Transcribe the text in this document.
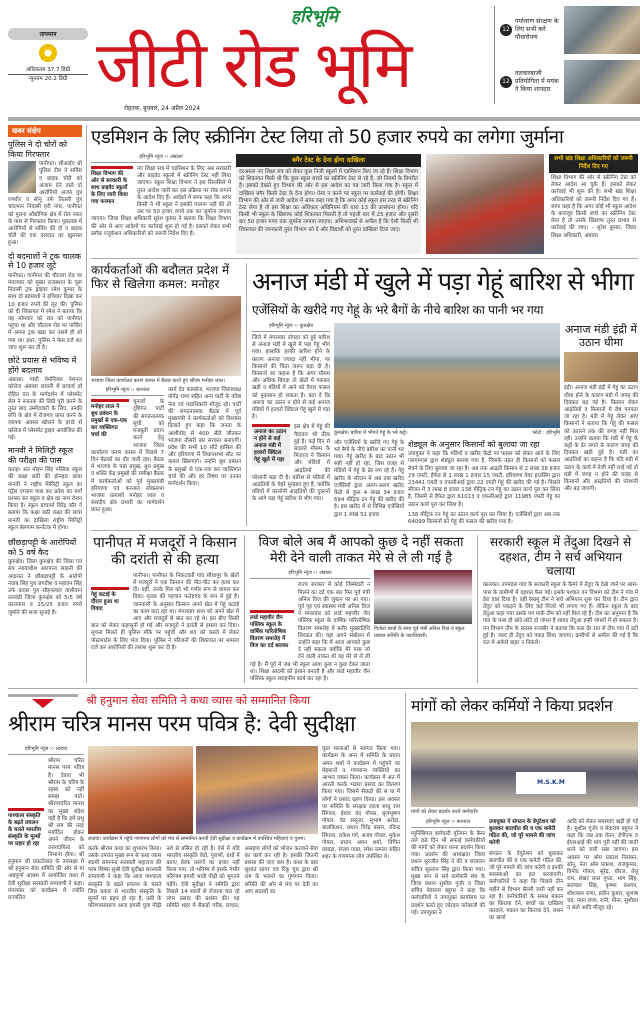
तापमान
अधिकतम 37.7 डिग्री
न्यूनतम 20.2 डिग्री
हरिभूमि
जीटी रोड भूमि
रोहतक, बुधवार, 24 अप्रैल 2024
12
पर्यावरण संरक्षण के लिए सभी करें पौधारोपण
12
तलवारबाजी प्रतियोगिता में मयंक ने किया शानदार
खबर संक्षेप
पुलिस ने दो चोरों को किया गिरफ्तार
पानीपत। सीआईए थ्री पुलिस टीम ने सर्विस व बाइक चोरी को अंजाम देने वाले दो आरोपियों अजय पुत्र रणधीर व सोनू उर्फ तितली पुत्र चांदभान निवासी हरी नगर, पानीपत को पुराना औद्योगिक क्षेत्र में रोल नकर के पास से गिरफ्तार किया। पूछताछ में आरोपियों से सर्विस की दो व बाइक चोरी की एक वारदात का खुलासा हुआ।
दो बदमाशों ने ट्रक चालक से 10 हजार लूटे
पानीपत। पानीपत की चौटाला रोड पर मंगलवार को मुख्य राजस्थान के चूरू निवासी ट्रक ड्राइवर रमेश कुमार के साथ दो बदमाशों ने हथियार दिखा कर 10 हजार रुपये की लूट की। पुलिस को दी शिकायत में रमेश ने बताया कि वह सोमवार को रात को पानीपत पहुंचा था और चौटाला रोड पर पार्किंग में अपना ट्रक खड़ा कर उसमें ही सो गया था। इधर, पुलिस ने केस दर्ज कर जांच शुरू कर दी है।
छोटे प्रयास से भविष्य में होंगे बदलाव
अंबाला। गांधी मेमोरियल नेशनल कॉलेज अंबाला छावनी में प्राचार्य डॉ रोहित दत्त के मार्गदर्शन में प्लेसमेंट सेल ने स्नातक की डिग्री पूरी करने के तुरंत बाद उम्मीदवारों के लिए, उनकी रुचि के क्षेत्र में रोजगार प्राप्त करने के व्यापक अवसर खोलने के इरादे से कॉलेज में प्लेसमेंट ड्राइव आयोजित की गई।
मानवी ने मिलिट्री स्कूल की परीक्षा की पास
कराह। संत मोहन सिंह पब्लिक स्कूल की कक्षा छठी की होनहार छात्रा मानवी ने राष्ट्रीय मिलिट्री स्कूल का एंट्रेंस एग्जाम पास कर प्रवेश का मार्ग प्रशस्त कर स्कूल व क्षेत्र का नाम रोशन किया है। स्कूल प्राचार्या विरेंद्र कौर ने बताया कि कक्षा छठी कक्षा की छात्रा मानवी का दाखिला राष्ट्रीय मिलिट्री स्कूल बेलगाम कर्नाटक में होगा।
छौंछड़ापट्टी के आरोपियों को 5 वर्ष कैद
कुरुक्षेत्र। जिला कुरुक्षेत्र की जिला एवं सत्र न्यायाधीश आरपाना साहनी की अदालत ने छौंछड़ापट्टी के आरोपी नवाब सिंह पुत्र जगदीश व महावन सिंह उर्फ काका पुत्र सौहनलाल वासीवान तलवंडी जिला कुरुक्षेत्र को 5/5 वर्ष कारावास व 25/25 हजार रुपये जुर्माने की सजा सुनाई है।
एडमिशन के लिए स्क्रीनिंग टेस्ट लिया तो 50 हजार रुपये का लगेगा जुर्माना
हरिभूमि न्यूज ›› अंबाला
शिक्षा विभाग की ओर से सरकारी के साथ प्राइवेट स्कूलों के लिए जारी किया गया फरमान
नए शिक्षा सत्र में एडमिशन के लिए अब सरकारी और प्राइवेट स्कूलों में स्क्रीनिंग टेस्ट नहीं लिया जाएगा। स्कूल शिक्षा विभाग ने इस सिलसिले में तुरंत आदेश जारी कर इस प्रक्रिया पर रोक लगाने के आदेश दिए हैं। आदेशों में साफ कहा कि अगर किसी ने भी स्कूल ने इसकी पालना नहीं की तो उस पर 50 हजार रुपये तक का जुर्माना लगाया जाएगा। जिला शिक्षा अधिकारी सुरेश कुमार ने बताया कि शिक्षा विभाग की ओर से आए आदेशों पर कार्रवाई शुरू हो गई है। इसको लेकर सभी ब्लॉक एजुकेशन अधिकारियों को जरूरी निर्देश दिए हैं।
बगैर टेस्ट के देना होगा दाखिला
दरअसल नए शिक्षा सत्र को लेकर कुछ निजी स्कूलों में एडमिशन किए जा रहे हैं। शिक्षा विभाग को शिकायत मिली थी कि कुछ स्कूल बच्चों का स्क्रीनिंग टेस्ट ले रहे हैं, जो नियमों के विपरीत है। इसको देखते हुए विभाग की ओर से इस आदेश का पत्र जारी किया गया है। स्कूल में दाखिला बगैर किसी टेस्ट के देना होगा। ऐसा न करने पर स्कूल पर कार्रवाई की होगी। शिक्षा विभाग की ओर से जारी आदेश में साफ कहा गया है कि अगर कोई स्कूल इस तरह से स्क्रीनिंग टेस्ट लेगा है तो इस शिक्षा का अधिकार अधिनियम की धारा 13 की उल्लंघना होगा। यदि किसी भी स्कूल के खिलाफ कोई शिकायत मिलती है तो पहली बार में 25 हजार और दूसरी बार 50 हजार रुपए तक जुर्माना लगाया जाएगा। अभिभावकों से अपील है कि ऐसी किसी भी शिकायत की जानकारी तुरंत विभाग को दें और विद्यार्थी को तुरंत दाखिला दिया जाए।
सभी खंड शिक्षा अधिकारियों को जरूरी निर्देश दिए गए
शिक्षा विभाग की ओर से स्क्रीनिंग टेस्ट को लेकर आदेश आ चुके हैं। इसको लेकर कार्रवाई भी शुरू की है। सभी खंड शिक्षा अधिकारियों को जरूरी निर्देश दिए गए हैं। साफ कहा है कि अगर कोई भी स्कूल आदेश के बावजूद किसी बच्चे का स्क्रीनिंग टेस्ट लेता है तो उसके खिलाफ तुरंत प्रभाव से कार्रवाई की जाए। - सुरेश कुमार, जिला शिक्षा अधिकारी, अंबाला
कार्यकर्ताओं की बदौलत प्रदेश में फिर से खिलेगा कमल: मनोहर
भाजपा जिला कार्यालय करण कमल में बैठक करते हुए सीएम मनोहर लाल।
हरिभूमि न्यूज ›› करनाल
मनोहर लाल ने बूथ प्रबंधन के प्रमुखों से एक-एक कर व्यक्तिगत चर्चा की
चुनावों के दृष्टिगत पार्टी की संगठनात्मक सूची को मजबूती प्रदान करने हेतु भाजपा जिला कार्यालय करण कमल में पिछले 7 दिन बैठकों का दौर जारी रहा। बैठक में भाजपा के पन्ना प्रमुख, बूथ प्रमुख व शक्ति केंद्र प्रमुखों की समीक्षा बैठक में कार्यकर्ताओं को पूर्व मुख्यमंत्री हरियाणा एवं करनाल लोकसभा भाजपा प्रत्याशी मनोहर लाल व संसदीय क्षेत्र प्रभारी का मार्गदर्शन प्राप्त हुआ।
कार्य देव काम्बोज, भाजपा जिलाध्यक्ष योगेंद्र राणा सहित अन्य पार्टी के वरिष्ठ नेता एवं पदाधिकारी मौजूद रहे। पार्टी की संगठनात्मक बैठक में पूर्व मुख्यमंत्री ने कार्यकर्ताओं को विश्वास दिलाते हुए कहा कि जनता के आशीर्वाद से 400 सीटें जीतकर भाजपा तीसरी बार सरकार बनाएगी। प्रदेश की सभी 10 सीटें हासिल की और हरियाणा में विधानसभा सीट पर कमल खिलाएंगे। उन्होंने बूथ प्रबंधन के प्रमुखों से एक-एक कर व्यक्तिगत चर्चा की और हर विषय पर उनका मार्गदर्शन किया।
अनाज मंडी में खुले में पड़ा गेहूं बारिश से भीगा
एजेंसियों के खरीदे गए गेहूं के भरे बैगों के नीचे बारिश का पानी भर गया
हरिभूमि न्यूज ›› कुरुक्षेत्र
जिले में मंगलवार दोपहर को हुई बारिश से अनाज मंडी में खुले में पड़ा गेहूं भीग गया। हालांकि हल्की बारिश होने के कारण अनाज ज्यादा नहीं भीगा, पर किसानों की चिंता जरूर बढ़ा दी है। किसानों का कहना है कि अगर मौसम और अधिक बिगड़ा तो खेतों में पककर खड़ी व मंडियों में आने को तैयार फसल को नुकसान हो सकता है। बता दें कि अनाज का उठान न होने से कई अनाज मंडियों में हजारों क्विंटल गेहूं खुले में पड़ा है।
अनाज का उठान न होने से कई अनाज मंडी में हजारों क्विंटल गेहूं खुले में पड़ा
इस क्षेत्र में गेहूं की पैदावार भी ठीक हुई है। कई दिन से बदलते मौसम के मिजाज ने किसान और मंडियों में आढ़तियों की परेशानी बढ़ा दी है। बारिश से मंडियों में आढ़तियों के चेहरे मुरझाए हुए हैं, क्योंकि मंडियों में कालोनी आढ़तियों की दुकानों के आगे पड़ा गेहूं बारिश से भीग गया।
कुरुक्षेत्र। बारिश में भीगते गेहूं के भरे कट्टे।	फोटो : हरिभूमि
और एजेंसियों के खरीदे गए गेहूं के भरे बैगों के नीचे बारिश का पानी भर गया। गेहूं खरीद के बाद उठान भी सही नहीं हो रहा, जिस वजह से मंडियों में गेहूं के ढेर लग रहे हैं। गेहूं खरीद के सीजन में अब तक खरीद एजेंसियों द्वारा अलग-अलग खरीद केंद्रों से कुल 4 लाख 34 हजार 694 मीट्रिक टन गेहूं की खरीद की है। इस खरीद में से विभिन्न एजेंसियों द्वारा 1 लाख 51 हजार
शेड्यूल के अनुसार किसानों को बुलाया जा रहा
उपायुक्त ने कहा कि मंडियों व खरीद केंद्रों पर फसल को लेकर आने के लिए एसएमएस द्वारा शेड्यूल बनाया गया है, जिसके तहत ही किसानों को फसल बेचने के लिए बुलाया जा रहा है। अब तक आढ़ती किसान से 2 लाख 38 हजार 29 एमटी, हैफेड से 1 लाख 1 हजार 15 एमटी, हरियाणा वेयर हाउसिंग द्वारा 23441 एमटी व एफसीआई द्वारा 22 एमटी गेहूं की खरीद की गई है। पिछले सीजन में 3 लाख 8 हजार 138 मीट्रिक टन गेहूं का उठान कार्य पूरा कर लिया है, जिसमें से हैफेड द्वारा 61013 व एफसीआई द्वारा 11985 एमटी गेहूं का उठान कार्य पूरा कर लिया है।
138 मीट्रिक टन गेहूं का उठान कार्य पूरा कर लिया है। एजेंसियों द्वारा अब तक 64099 किसानों को गेहूं की फसल की खरीद गया है।
अनाज मंडी इंद्री में उठान धीमा
इंद्री। अनाज मंडी इंद्री में गेहूं का उठान धीमा होने के कारण मंडी में जगह की दिक्कत बढ़ गई है। किसान लेकर आढ़तियों व किसानों में रोष पनपता जा रहा है। मंडी में गेहूं लेकर आए किसानों ने बताया कि गेहूं की फसल को उतारने तक की जगह नहीं मिल रही। उन्होंने बताया कि मंडी में गेहूं के कट्टों के ढेर लगने के कारण जगह की दिक्कत खड़ी हुई है। मंडी का आढ़तियों का कहना है कि यदि मंडी में उठान के कार्य में तेजी नहीं लाई गई तो मंडी में जगह न होने की वजह से किसानों और आढ़तियों की परेशानी और बढ़ जाएगी।
पानीपत में मजदूरों ने किसान की दरांती से की हत्या
गेहूं कटाई के दौरान हुआ था विवाद
पानीपत। पानीपत के निकटवर्ती गांव सौंधापुर के खेतों में मजदूरों ने एक किसान की पीट-पीट कर हत्या कर दी। वहीं, उनके मित्र को भी गंभीर रूप से घायल कर दिया। मृतक की पहचान फतेहचंद के रूप में हुई है। जानकारी के अनुसार किसान अपने खेत में गेहूं कटाई का काम करा रहा था। मंगलवार शाम को अपने खेत में आए और मजदूरों से बात कर रहे थे। इस बीच किसी बात को लेकर कहासुनी हो गई और मजदूरों ने दरांती से हमला कर दिया। सूचना मिलते ही पुलिस मौके पर पहुंची और शव को कब्जे में लेकर पोस्टमार्टम के लिए भेज दिया। पुलिस ने परिजनों की शिकायत पर मामला दर्ज कर आरोपियों की तलाश शुरू कर दी है।
विज बोले अब मैं आपको कुछ दे नहीं सकता मेरी देने वाली ताकत मेरे से ले ली गई है
हरिभूमि न्यूज ›› अंबाला
लार्ड महावीर जैन पब्लिक स्कूल के वार्षिक पारितोषिक वितरण समारोह में विज का दर्द छलका
राज्य सरकार में कोई जिम्मेदारी न मिलने का दर्द एक बार फिर पूर्व मंत्री अनिल विज की जुबान पर आ गया। पूर्व गृह एवं स्वास्थ्य मंत्री अनिल विज ने मंगलवार को लार्ड महावीर जैन पब्लिक स्कूल के वार्षिक पारितोषिक वितरण समारोह में बतौर मुख्यातिथि शिरकत की। यहां अपने संबोधन में उन्होंने कहा कि मैं आज आपको कुछ दे नहीं सकता क्योंकि मेरे पास जो देने वाली ताकत थी वह मेरे से ले ली गई है। मैं पूर्व में जब भी स्कूल आया कुछ न कुछ देकर जाता था। शिक्षा आदमी को इंसान बनाती है और लार्ड महावीर जैन पब्लिक स्कूल सराहनीय कार्य कर रहा है।
विजेता छात्रों के साथ पूर्व मंत्री अनिल विज व स्कूल प्रबंधन समिति के पदाधिकारी।
सरकारी स्कूल में तेंदुआ दिखने से दहशत, टीम ने सर्च अभियान चलाया
कालका। उपमंडल गांव के सरकारी स्कूल के कैमरे में तेंदुए के देखे जाने पर आस-पास के ग्रामीणों में दहशत फैल गई। इसके पश्चात वन विभाग को टीम ने गांव में डेरा डाल दिया है। वहीं रेस्क्यू टीम ने सर्च अभियान शुरू कर दिया है। टीम द्वारा तेंदुए को पकड़ने के लिए कई पिंजरे भी लगाए गए हैं। लेकिन स्कूल के बाद तेंदुआ कहां गया उसके पग मार्क टीम को नहीं मिल रहे हैं। टीम का अनुमान है कि गांव के पास ही छोटे-छोटे दो जंगल हैं शायद तेंदुआ इन्हीं जंगलों में हो सकता है। वन विभाग टीम के सदस्य राजबीर ने बताया कि कल देर रात से टीम गांव में डटी हुई है। जल्द ही तेंदुए को पकड़ लिया जाएगा। ग्रामीणों से अपील की गई है कि रात में अकेले बाहर न निकलें।
श्री हनुमान सेवा समिति ने कथा व्यास को सम्मानित किया
श्रीराम चरित्र मानस परम पवित्र है: देवी सुदीक्षा
हरिभूमि न्यूज ›› लाडवा
पाश्चात्य संस्कृति के बढ़ते प्रचलन के चलते भारतीय संस्कृति के मूल्यों पर प्रहार हो रहा
श्रीराम चरित मानस परम पवित्र है। देवता भी श्रीराम के चरित्र के रहस्य को नहीं समझ पाते। श्रीरामचरित मानस का मुख्य संदेश यही है कि हमें प्रभु श्री राम की तरह मर्यादित होकर अपने जीवन के उत्तरदायित्व को निभाना होगा। श्री हनुमान जी प्रकटोत्सव के उपलक्ष्य में श्री हनुमान सेवा समिति की ओर से मां अन्नपूर्णा आश्रम में आयोजित कथा में देवी सुदीक्षा सरस्वती रामायणी ने कहा। मंगलवार को कार्यक्रम में ज्योति प्रज्वलित
लाडवा। कार्यक्रम में पहुंचे गणमान्य लोगों को मंच से सम्मानित करती देवी सुदीक्षा व कार्यक्रम में उपस्थित महिलाएं व पुरुष।
करके श्रीराम कथा का शुभारंभ किया। उसके उपरांत मुख्य रूप से कथा व्यास स्वामी रामानन्द सरस्वती महाराज की परम शिष्या सुश्री देवी सुदीक्षा सरस्वती रामायणी ने कहा कि आज पाश्चात्य संस्कृति के बढ़ते प्रचलन के चलते जिस प्रकार से भारतीय संस्कृति के मूल्यों पर प्रहार हो रहा है, उसी के परिणामस्वरूप आज हमारी युवा पीढ़ी नशे से ग्रसित हो रही है। ऐसे में यदि भारतीय संस्कृति वेदों, पुराणों, ग्रंथों में बताए प्रेरक प्रसंगों का प्रचार नहीं किया गया, तो भविष्य में इसके गंभीर परिणाम हमारी भावी पीढ़ी को भुगतने पड़ेंगे। देवी सुदीक्षा ने समिति द्वारा पिछले 14 सालों से रोजाना चल रहे लंगर प्रसाद की प्रशंसा की। यह समिति शहर में सैकड़ों गरीब, लाचार, असहाय लोगों को भोजन करवाने सेवा का कार्य कर रही है। इसकी जितनी प्रशंसा की जाए कम है। कथा के बाद सुशांत सागर एवं रिंकू चुघ द्वारा श्री राम के भजनों का गुणगान किया। समिति की ओर से मंच पर देवी का आए सदस्यों का
फूल मालाओं से स्वागत किया गया। कार्यक्रम के अन्त में समिति के प्रधान अमन शर्मा ने कार्यक्रम में पहुंचने पर मेहमानों व गणमान्य व्यक्तियों का आभार व्यक्त किया। कार्यक्रम में अंत में आरती करके भंडारा प्रसाद का वितरण किया गया। जिसमें सैकड़ों की सं या में लोगों ने प्रसाद ग्रहण किया। इस अवसर पर समिति के सरक्षक लाला साधु राम सिंगला, ईश्वर चंद गोयल, बृजभूषण गोयल, वेद ससूजा, सुभाष अरोड़ा, बालकिशन, प्रधान विरेंद्र बंसल, रविन्द्र सिंगला, राकेश गर्ग, अजय गोयल, मुकेश गोयल, प्रधान अमन शर्मा, विपिन छाबड़ा, संजय गाबा, रमेश नरूला सहित शहर के गणमान्य लोग उपस्थित थे।
मांगों को लेकर कर्मियों ने किया प्रदर्शन
M.S.K.M
मांगों को लेकर प्रदर्शन करते कर्मचारी।
हरिभूमि न्यूज ›› करनाल
म्युनिसिपल कर्मचारी यूनियन के बैनर तले छठे दिन भी सफाई कर्मचारियों की मांगों को लेकर धरना प्रदर्शन किया गया। प्रदर्शन की अध्यक्षता जिला प्रधान सुरजीत सिंह ने की व संचालन सचिव सुल्तान सिंह द्वारा किया गया। मुख्य रूप से सर्व कर्मचारी संघ के जिला प्रधान सुशील गुर्जर व जिला सचिव मेवाराम बहुगर ने कहा कि कर्मचारियों ने उपायुक्त कार्यालय पर प्रदर्शन करते हुए जोरदार नारेबाजी की गई। उपायुक्त ने
उपायुक्त ने संगठन के डेपुटेशन को बुलाकर बातचीत की व एक कमेटी गठित की, जो पूरे मामले की जांच करेगी
संगठन के डेपुटेशन को बुलाकर बातचीत की व एक कमेटी गठित की, जो पूरे मामले की जांच करेगी व इनकी समस्याओं का हल करवाएगी। कर्मचारियों ने कहा कि पिछले तीन महीने से विभाग सैलरी जारी नहीं कर रहा है। कर्मचारियों के समक्ष मकान का किराया देने, बच्चों का दाखिला करवाने, मकान का किराया देने, राशन का खर्चा
आदि को लेकर समस्याएं खड़ी हो गई है। सुशील गुर्जर व मेवाराम बहुगर ने कहा कि जब तक वेतन, ईपीएफ व ईएसआई की मांग पूरी नहीं की जाती धरने को जारी रखा जाएगा। इस अवसर पर ओम प्रकाश निसंकर, सोनू, नेता ओम प्रकाश, राजकुमार, विनोद गोयल, सुरेंद्र, धीरज, तेलू राम, शेखर लाल गुप्ता, भाग सिंह, सतपाल सिंह, कृष्णा कश्यप, शीशपाल राणा, प्रवीन कुमार, सुभाष चंद, पवन राणा, रानी, मीना, सुशीला व संतो आदि मौजूद रहे।
